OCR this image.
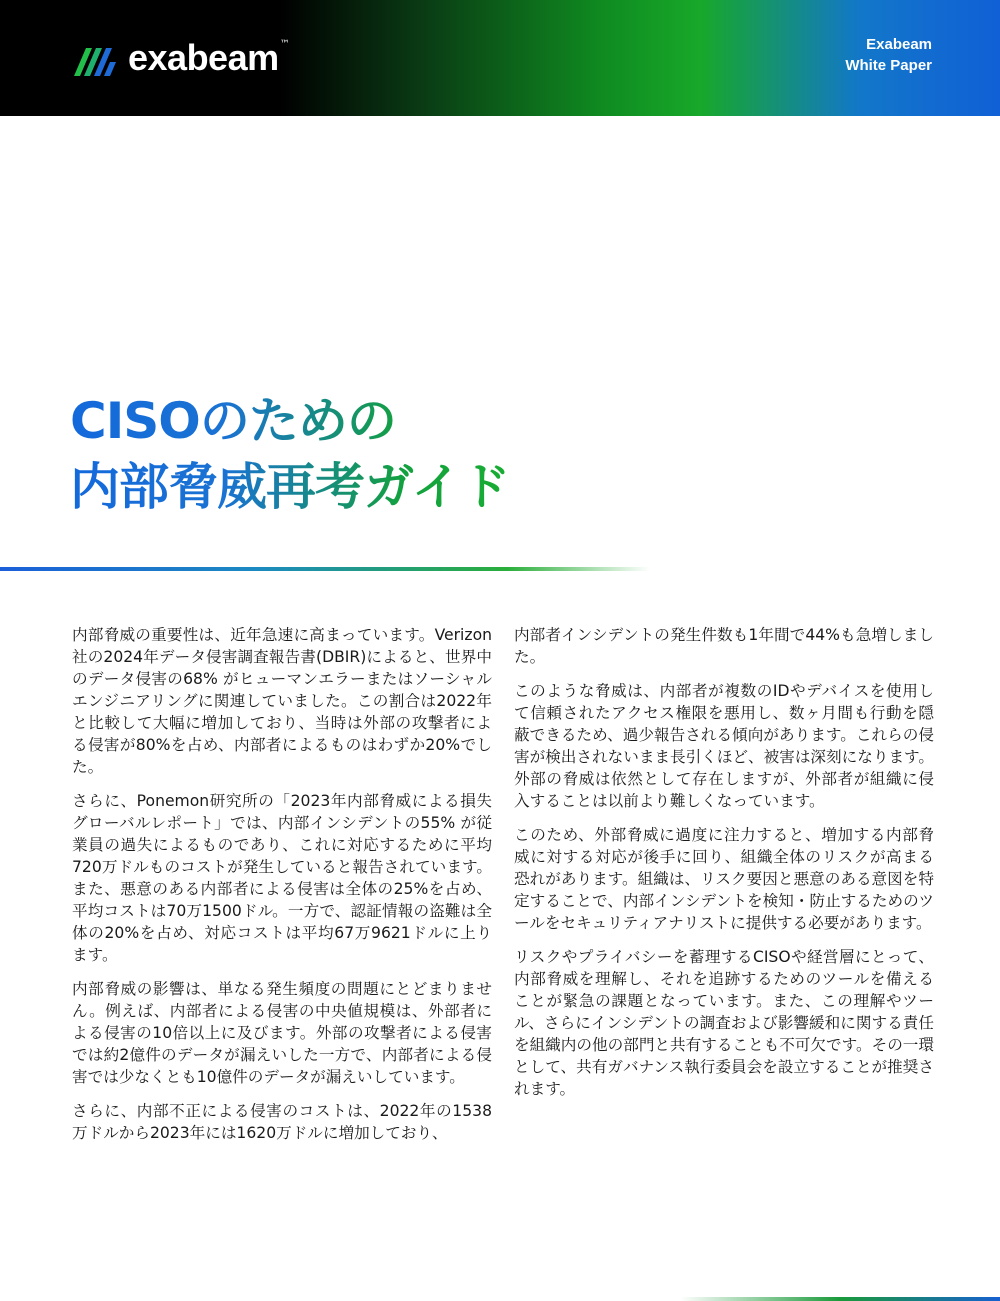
exabeam ™	Exabeam
White Paper
CISOのための
内部脅威再考ガイド

内部脅威の重要性は、近年急速に高まっています。Verizon社の2024年データ侵害調査報告書(DBIR)によると、世界中のデータ侵害の68% がヒューマンエラーまたはソーシャルエンジニアリングに関連していました。この割合は2022年と比較して大幅に増加しており、当時は外部の攻撃者による侵害が80%を占め、内部者によるものはわずか20%でした。

さらに、Ponemon研究所の「2023年内部脅威による損失グローバルレポート」では、内部インシデントの55% が従業員の過失によるものであり、これに対応するために平均720万ドルものコストが発生していると報告されています。また、悪意のある内部者による侵害は全体の25%を占め、平均コストは70万1500ドル。一方で、認証情報の盗難は全体の20%を占め、対応コストは平均67万9621ドルに上ります。

内部脅威の影響は、単なる発生頻度の問題にとどまりません。例えば、内部者による侵害の中央値規模は、外部者による侵害の10倍以上に及びます。外部の攻撃者による侵害では約2億件のデータが漏えいした一方で、内部者による侵害では少なくとも10億件のデータが漏えいしています。

さらに、内部不正による侵害のコストは、2022年の1538万ドルから2023年には1620万ドルに増加しており、

内部者インシデントの発生件数も1年間で44%も急増しました。

このような脅威は、内部者が複数のIDやデバイスを使用して信頼されたアクセス権限を悪用し、数ヶ月間も行動を隠蔽できるため、過少報告される傾向があります。これらの侵害が検出されないまま長引くほど、被害は深刻になります。外部の脅威は依然として存在しますが、外部者が組織に侵入することは以前より難しくなっています。

このため、外部脅威に過度に注力すると、増加する内部脅威に対する対応が後手に回り、組織全体のリスクが高まる恐れがあります。組織は、リスク要因と悪意のある意図を特定することで、内部インシデントを検知・防止するためのツールをセキュリティアナリストに提供する必要があります。

リスクやプライバシーを蓄理するCISOや経営層にとって、内部脅威を理解し、それを追跡するためのツールを備えることが緊急の課題となっています。また、この理解やツール、さらにインシデントの調査および影響緩和に関する責任を組織内の他の部門と共有することも不可欠です。その一環として、共有ガバナンス執行委員会を設立することが推奨されます。
